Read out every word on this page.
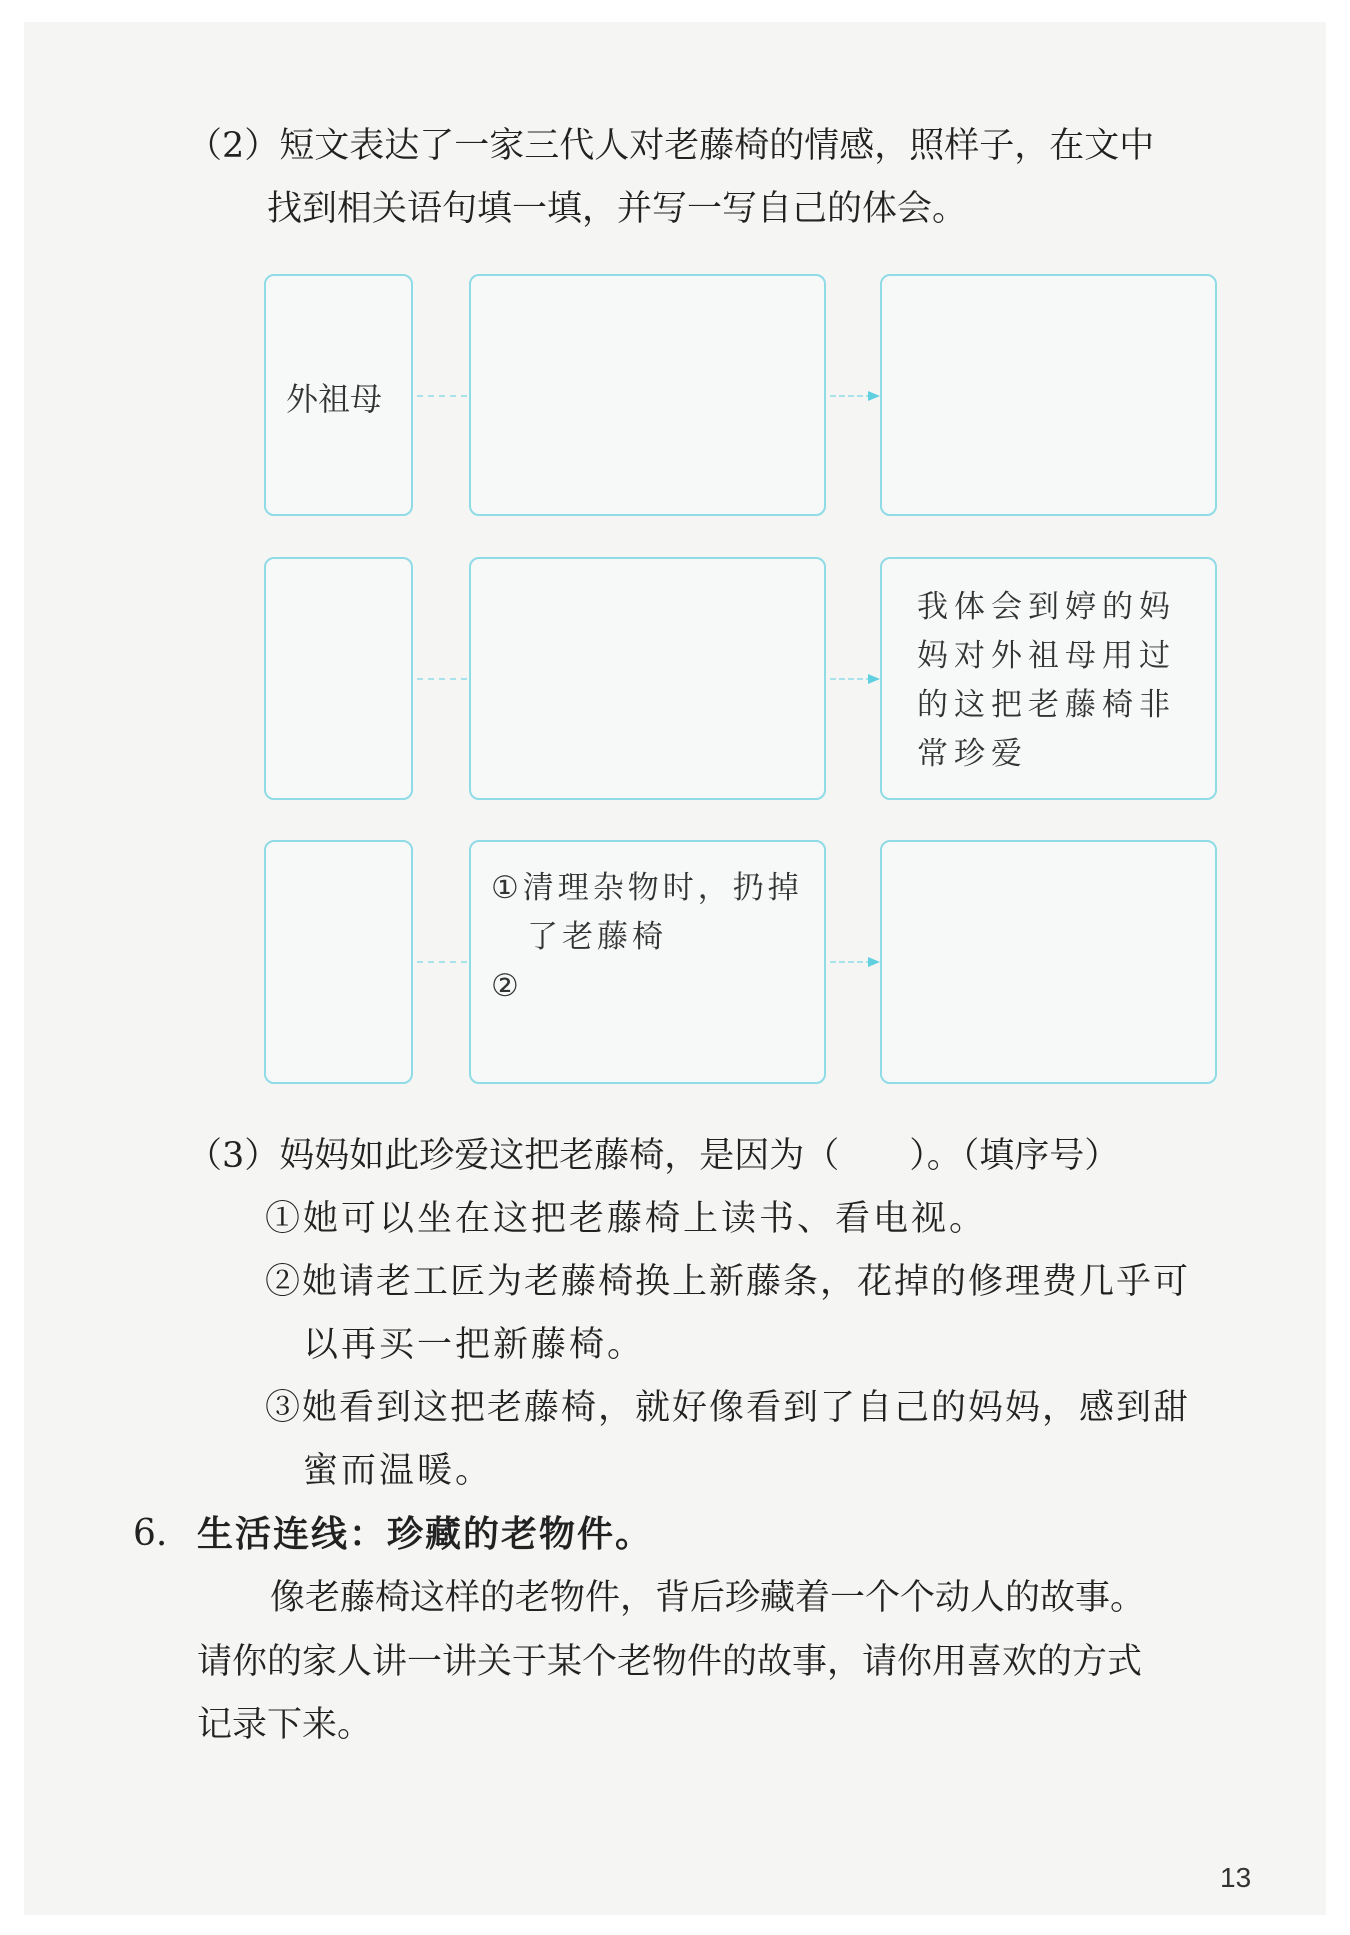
（2）短文表达了一家三代人对老藤椅的情感，照样子，在文中
找到相关语句填一填，并写一写自己的体会。
外祖母
我体会到婷的妈
妈对外祖母用过
的这把老藤椅非
常珍爱
①清理杂物时，扔掉
了老藤椅
②
（3）妈妈如此珍爱这把老藤椅，是因为（　　）。（填序号）
①她可以坐在这把老藤椅上读书、看电视。
②她请老工匠为老藤椅换上新藤条，花掉的修理费几乎可
以再买一把新藤椅。
③她看到这把老藤椅，就好像看到了自己的妈妈，感到甜
蜜而温暖。
6. 生活连线：珍藏的老物件。
像老藤椅这样的老物件，背后珍藏着一个个动人的故事。
请你的家人讲一讲关于某个老物件的故事，请你用喜欢的方式
记录下来。
13
